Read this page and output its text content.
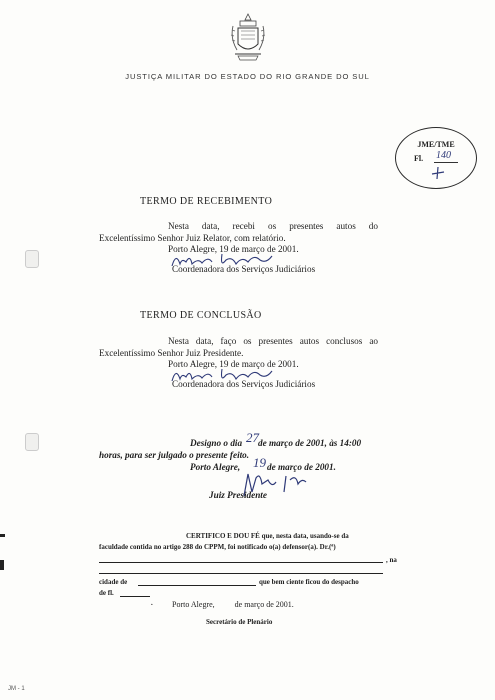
JUSTIÇA MILITAR DO ESTADO DO RIO GRANDE DO SUL
JME/TME
Fl. 140
TERMO DE RECEBIMENTO
Nesta data, recebi os presentes autos do
Excelentíssimo Senhor Juiz Relator, com relatório.
Porto Alegre, 19 de março de 2001.
Coordenadora dos Serviços Judiciários
TERMO DE CONCLUSÃO
Nesta data, faço os presentes autos conclusos ao
Excelentíssimo Senhor Juiz Presidente.
Porto Alegre, 19 de março de 2001.
Coordenadora dos Serviços Judiciários
Designo o dia 27 de março de 2001, às 14:00
horas, para ser julgado o presente feito.
Porto Alegre, 19 de março de 2001.
Juiz Presidente
CERTIFICO E DOU FÉ que, nesta data, usando-se da
faculdade contida no artigo 288 do CPPM, foi notificado o(a) defensor(a). Dr.(ª)
, na
cidade de	que bem ciente ficou do despacho
de fl.
. Porto Alegre,          de março de 2001.
Secretário de Plenário
JM - 1
